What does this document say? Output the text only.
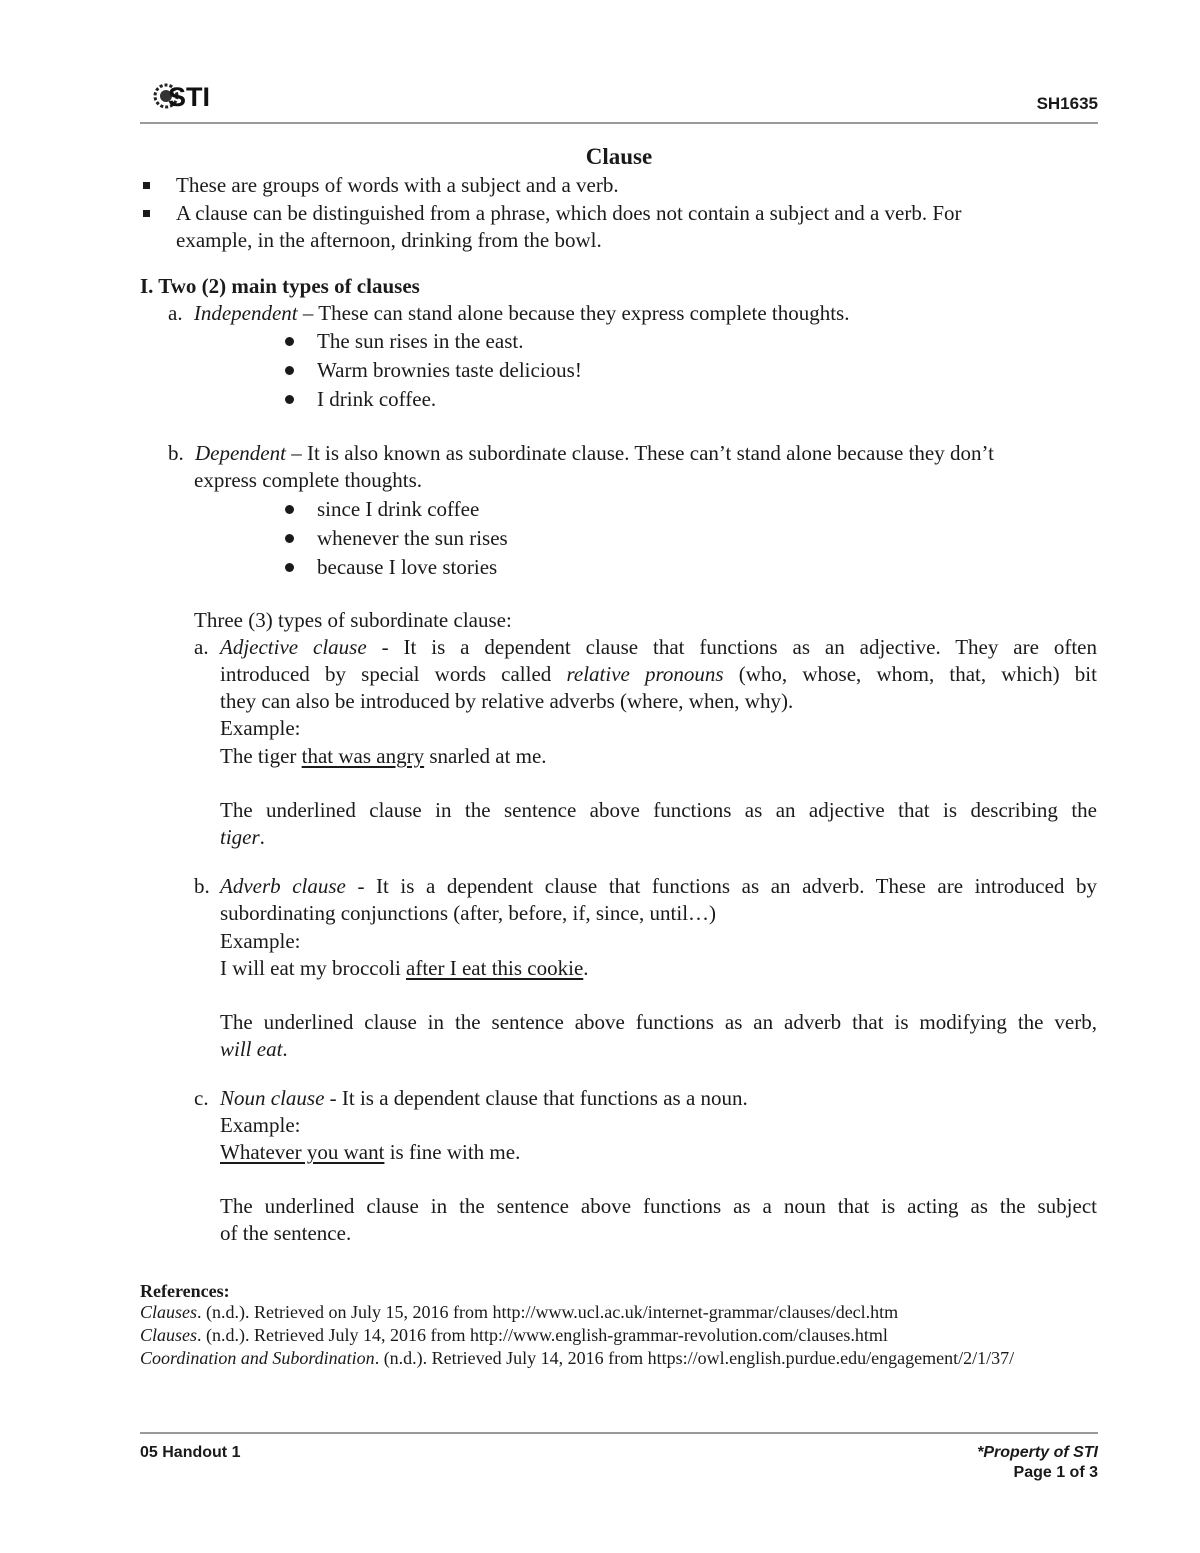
STI	SH1635
Clause
These are groups of words with a subject and a verb.
A clause can be distinguished from a phrase, which does not contain a subject and a verb. For
example, in the afternoon, drinking from the bowl.
I. Two (2) main types of clauses
a. Independent – These can stand alone because they express complete thoughts.
The sun rises in the east.
Warm brownies taste delicious!
I drink coffee.
b. Dependent – It is also known as subordinate clause. These can’t stand alone because they don’t
express complete thoughts.
since I drink coffee
whenever the sun rises
because I love stories
Three (3) types of subordinate clause:
a. Adjective clause - It is a dependent clause that functions as an adjective. They are often
introduced by special words called relative pronouns (who, whose, whom, that, which) bit
they can also be introduced by relative adverbs (where, when, why).
Example:
The tiger that was angry snarled at me.
The underlined clause in the sentence above functions as an adjective that is describing the
tiger.
b. Adverb clause - It is a dependent clause that functions as an adverb. These are introduced by
subordinating conjunctions (after, before, if, since, until…)
Example:
I will eat my broccoli after I eat this cookie.
The underlined clause in the sentence above functions as an adverb that is modifying the verb,
will eat.
c. Noun clause - It is a dependent clause that functions as a noun.
Example:
Whatever you want is fine with me.
The underlined clause in the sentence above functions as a noun that is acting as the subject
of the sentence.
References:
Clauses. (n.d.). Retrieved on July 15, 2016 from http://www.ucl.ac.uk/internet-grammar/clauses/decl.htm
Clauses. (n.d.). Retrieved July 14, 2016 from http://www.english-grammar-revolution.com/clauses.html
Coordination and Subordination. (n.d.). Retrieved July 14, 2016 from https://owl.english.purdue.edu/engagement/2/1/37/
05 Handout 1	*Property of STI
Page 1 of 3
